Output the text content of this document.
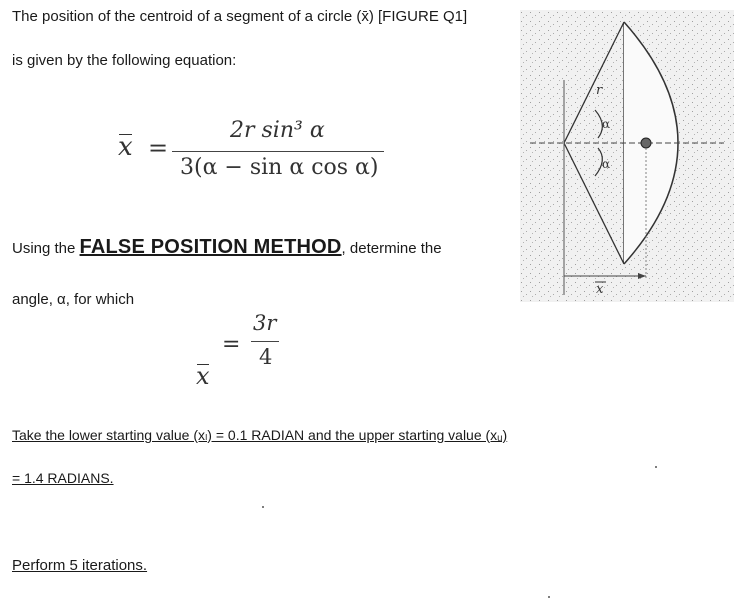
The position of the centroid of a segment of a circle (x̄) [FIGURE Q1]
is given by the following equation:
x =
2r sin³ α
3(α − sin α cos α)
Using the FALSE POSITION METHOD, determine the
angle, α, for which
x
=
3r
4
Take the lower starting value (xₗ) = 0.1 RADIAN and the upper starting value (xᵤ)
= 1.4 RADIANS.
Perform 5 iterations.
r
α
α
x
